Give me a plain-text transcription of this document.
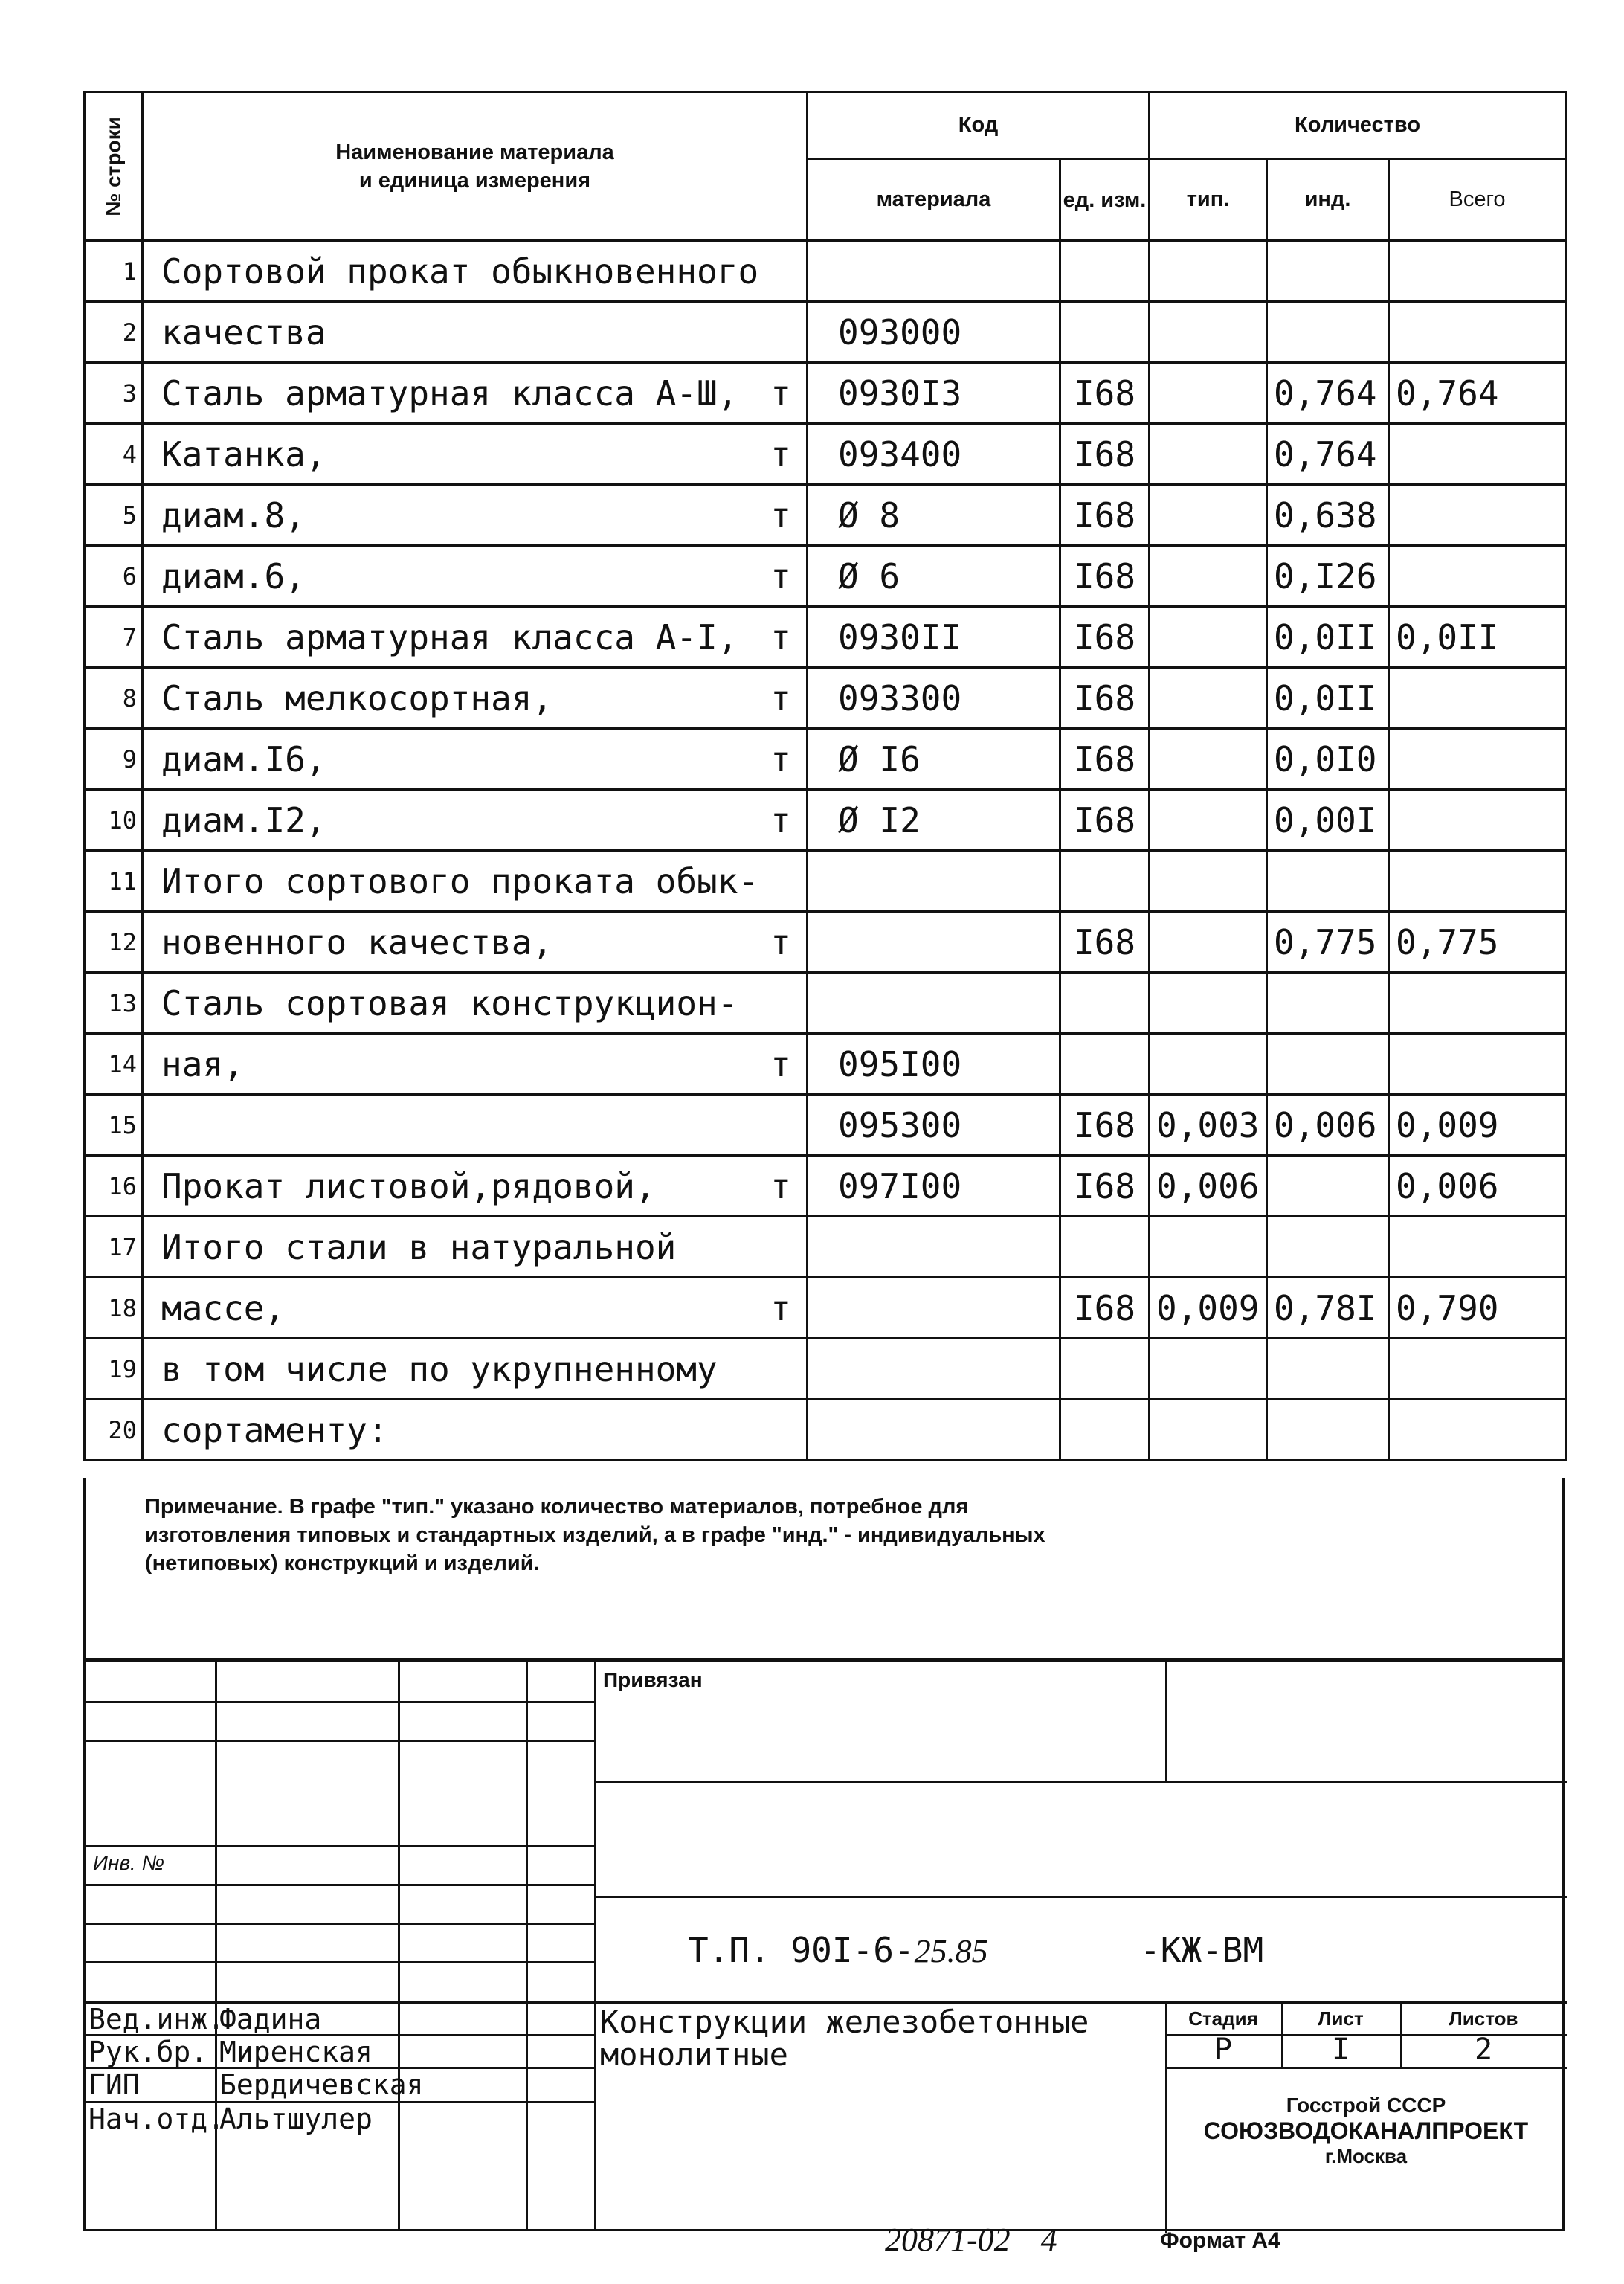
№ строки	Наименование материала
и единица измерения	Код		Количество		
		материала	ед. изм.	тип.	инд.	Всего
1	Сортовой прокат обыкновенного					

2	качества	093000				
3	Сталь арматурная класса А-Ш, т	0930I3	I68		0,764	0,764
4	Катанка, т	093400	I68		0,764	
5	диам.8, т	Ø 8	I68		0,638	
6	диам.6, т	Ø 6	I68		0,I26	
7	Сталь арматурная класса А-I, т	0930II	I68		0,0II	0,0II
8	Сталь мелкосортная, т	093300	I68		0,0II	
9	диам.I6, т	Ø I6	I68		0,0I0	
10	диам.I2, т	Ø I2	I68		0,00I	
11	Итого сортового проката обык-					

12	новенного качества, т		I68		0,775	0,775
13	Сталь сортовая конструкцион-					

14	ная, т	095I00				
15		095300	I68	0,003	0,006	0,009
16	Прокат листовой,рядовой, т	097I00	I68	0,006		0,006
17	Итого стали в натуральной					

18	массе, т		I68	0,009	0,78I	0,790
19	в том числе по укрупненному					

20	сортаменту:					

Примечание. В графе "тип." указано количество материалов, потребное для изготовления типовых и стандартных изделий, а в графе "инд." - индивидуальных (нетиповых) конструкций и изделий.

Привязан
Инв. №
Т.П. 90I-6-25.85	-КЖ-ВМ
Вед.инж.
Фадина
Рук.бр. Миренская
ГИП	Бердичевская
Нач.отд.
Альтшулер
Конструкции железобетонные монолитные
Стадия	Лист	Листов
Р	I	2
Госстрой СССР
СОЮЗВОДОКАНАЛПРОЕКТ
г.Москва
20871-02 4	Формат А4
